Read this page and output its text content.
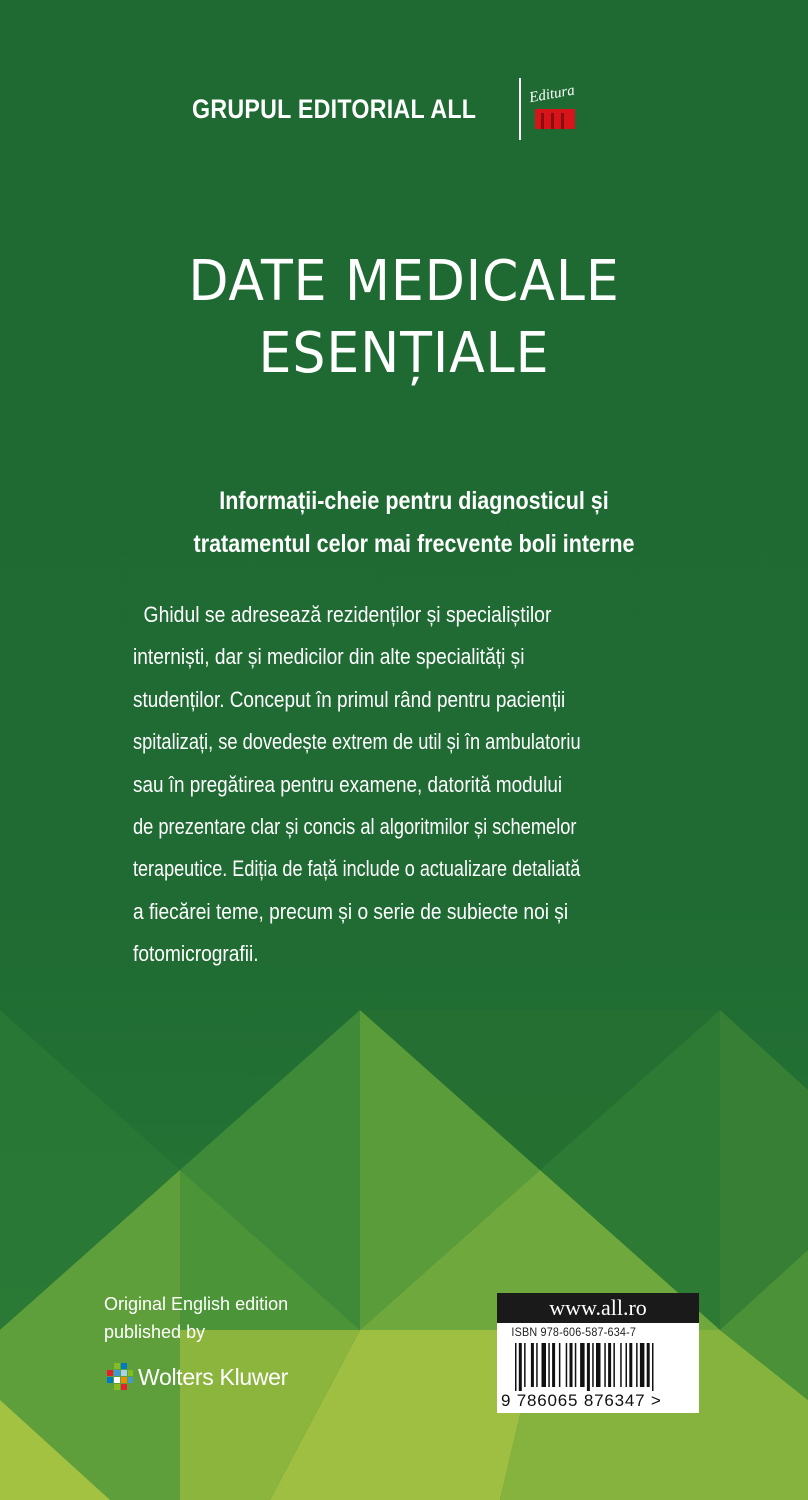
GRUPUL EDITORIAL ALL	Editura
DATE MEDICALE
ESENȚIALE
Informații-cheie pentru diagnosticul și
tratamentul celor mai frecvente boli interne
Ghidul se adresează rezidenților și specialiștilor
interniști, dar și medicilor din alte specialități și
studenților. Conceput în primul rând pentru pacienții
spitalizați, se dovedește extrem de util și în ambulatoriu
sau în pregătirea pentru examene, datorită modului
de prezentare clar și concis al algoritmilor și schemelor
terapeutice. Ediția de față include o actualizare detaliată
a fiecărei teme, precum și o serie de subiecte noi și
fotomicrografii.
Original English edition
published by
Wolters Kluwer
www.all.ro
ISBN 978-606-587-634-7
9 786065 876347 >
